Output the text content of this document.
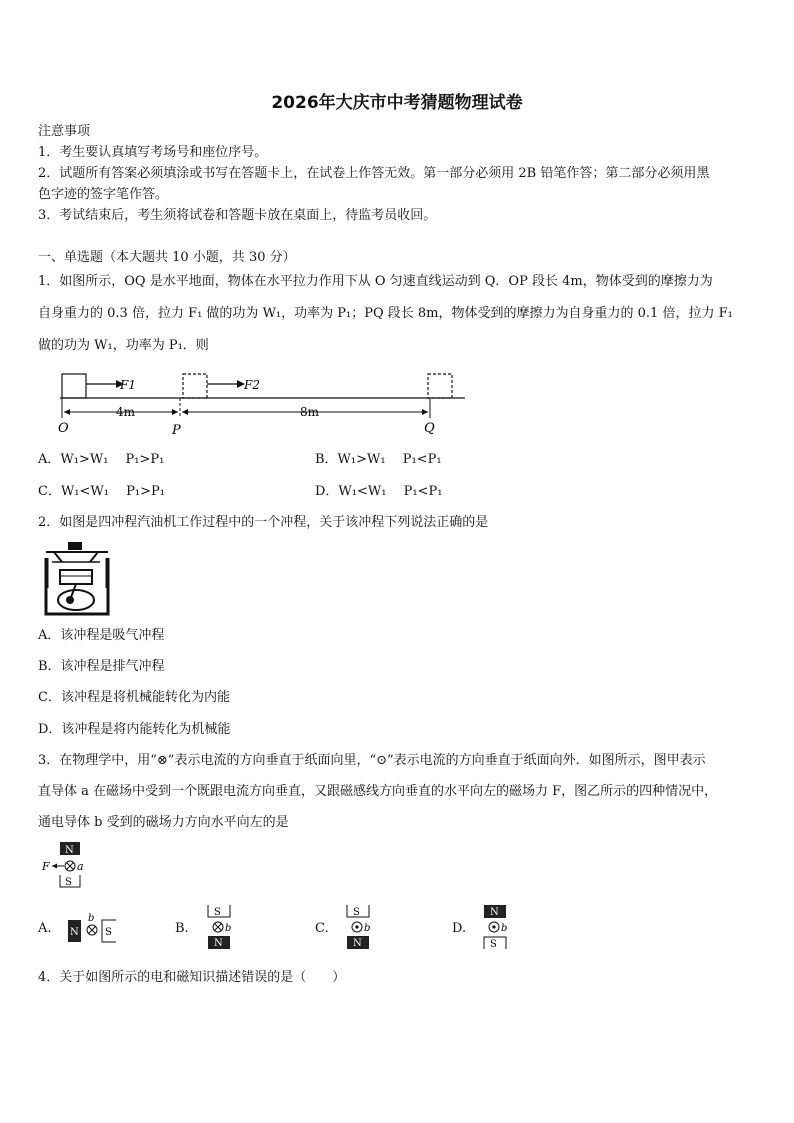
2026年大庆市中考猜题物理试卷
注意事项
1．考生要认真填写考场号和座位序号。
2．试题所有答案必须填涂或书写在答题卡上，在试卷上作答无效。第一部分必须用 2B 铅笔作答；第二部分必须用黑
色字迹的签字笔作答。
3．考试结束后，考生须将试卷和答题卡放在桌面上，待监考员收回。
一、单选题（本大题共 10 小题，共 30 分）
1．如图所示，OQ 是水平地面，物体在水平拉力作用下从 O 匀速直线运动到 Q．OP 段长 4m，物体受到的摩擦力为
自身重力的 0.3 倍，拉力 F₁ 做的功为 W₁，功率为 P₁；PQ 段长 8m，物体受到的摩擦力为自身重力的 0.1 倍，拉力 F₁
做的功为 W₁，功率为 P₁．则
F1	F2
4m	8m
O	P	Q
A．W₁>W₁　 P₁>P₁	B．W₁>W₁　 P₁<P₁
C．W₁<W₁　 P₁>P₁	D．W₁<W₁　 P₁<P₁
2．如图是四冲程汽油机工作过程中的一个冲程，关于该冲程下列说法正确的是
A．该冲程是吸气冲程
B．该冲程是排气冲程
C．该冲程是将机械能转化为内能
D．该冲程是将内能转化为机械能
3．在物理学中，用“⊗”表示电流的方向垂直于纸面向里，“⊙”表示电流的方向垂直于纸面向外．如图所示，图甲表示
直导体 a 在磁场中受到一个既跟电流方向垂直，又跟磁感线方向垂直的水平向左的磁场力 F，图乙所示的四种情况中，
通电导体 b 受到的磁场力方向水平向左的是
N
F a
S
A. N
b
S	B.
S
b
N
C.
S
b
N
D.
N
b
S
4．关于如图所示的电和磁知识描述错误的是（　　）
